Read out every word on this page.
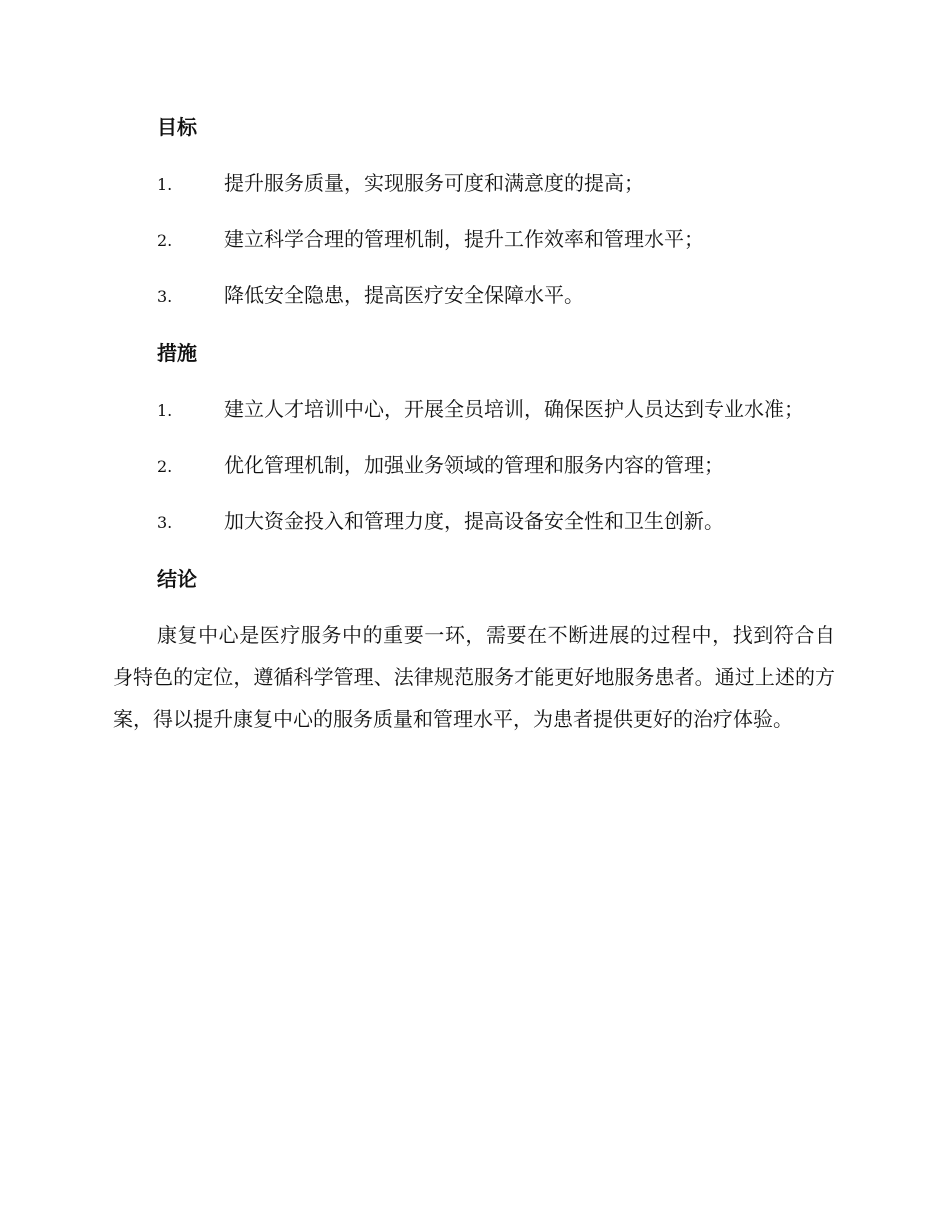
目标
1.	提升服务质量，实现服务可度和满意度的提高；
2.	建立科学合理的管理机制，提升工作效率和管理水平；
3.	降低安全隐患，提高医疗安全保障水平。
措施
1.	建立人才培训中心，开展全员培训，确保医护人员达到专业水准；
2.	优化管理机制，加强业务领域的管理和服务内容的管理；
3.	加大资金投入和管理力度，提高设备安全性和卫生创新。
结论

康复中心是医疗服务中的重要一环，需要在不断进展的过程中，找到符合自身特色的定位，遵循科学管理、法律规范服务才能更好地服务患者。通过上述的方案，得以提升康复中心的服务质量和管理水平，为患者提供更好的治疗体验。
